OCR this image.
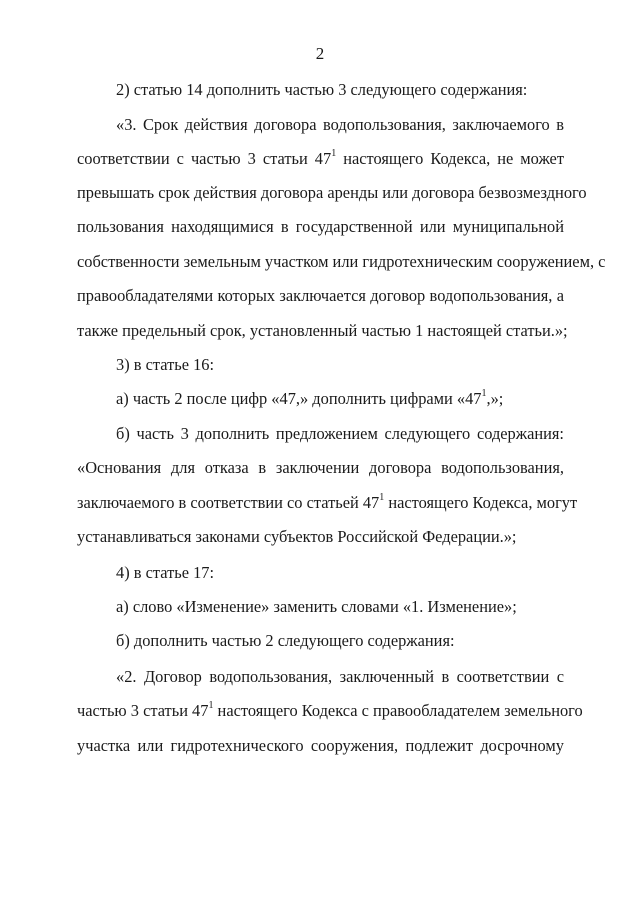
2
2) статью 14 дополнить частью 3 следующего содержания:
«3. Срок действия договора водопользования, заключаемого в
соответствии с частью 3 статьи $47^1$ настоящего Кодекса, не может
превышать срок действия договора аренды или договора безвозмездного
пользования находящимися в государственной или муниципальной
собственности земельным участком или гидротехническим сооружением, с
правообладателями которых заключается договор водопользования, а
также предельный срок, установленный частью 1 настоящей статьи.»;
3) в статье 16:
а) часть 2 после цифр «47,» дополнить цифрами «$47^1$,»;
б) часть 3 дополнить предложением следующего содержания:
«Основания для отказа в заключении договора водопользования,
заключаемого в соответствии со статьей $47^1$ настоящего Кодекса, могут
устанавливаться законами субъектов Российской Федерации.»;
4) в статье 17:
а) слово «Изменение» заменить словами «1. Изменение»;
б) дополнить частью 2 следующего содержания:
«2. Договор водопользования, заключенный в соответствии с
частью 3 статьи $47^1$ настоящего Кодекса с правообладателем земельного
участка или гидротехнического сооружения, подлежит досрочному
